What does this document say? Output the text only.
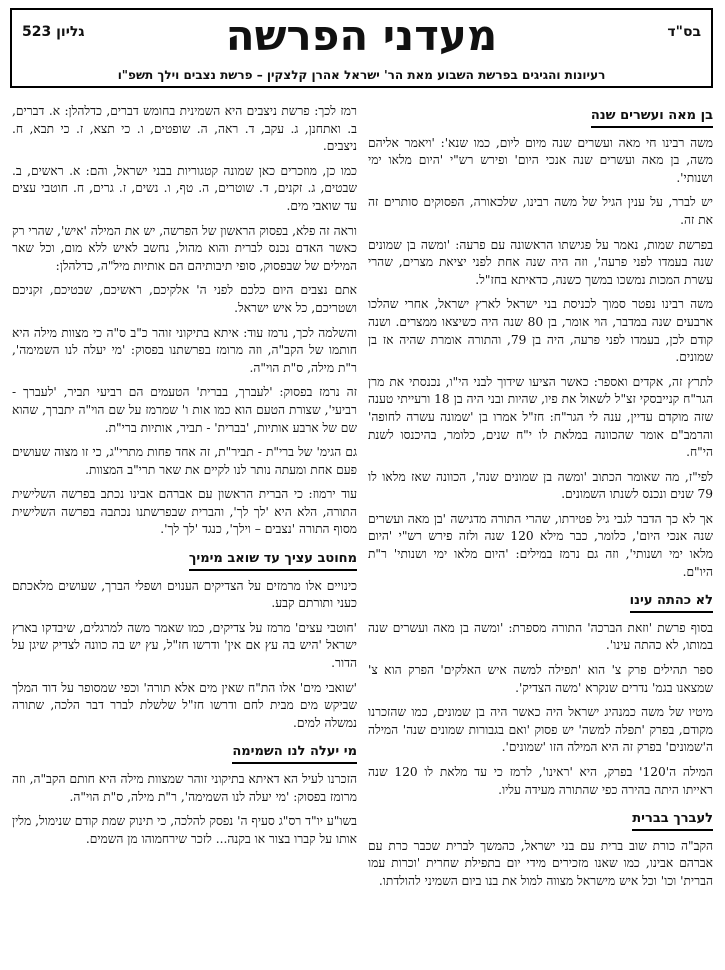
בס"ד
גליון 523	מעדני הפרשה
רעיונות והגיגים בפרשת השבוע מאת הר' ישראל אהרן קלצקין – פרשת נצבים וילך תשפ"ו
בן מאה ועשרים שנה

משה רבינו חי מאה ועשרים שנה מיום ליום, כמו שנא': 'ויאמר אליהם משה, בן מאה ועשרים שנה אנכי היום' ופירש רש"י 'היום מלאו ימי ושנותי'.

יש לברר, על ענין הגיל של משה רבינו, שלכאורה, הפסוקים סותרים זה את זה.

בפרשת שמות, נאמר על פגישתו הראשונה עם פרעה: 'ומשה בן שמונים שנה בעמדו לפני פרעה', וזה היה שנה אחת לפני יציאת מצרים, שהרי עשרת המכות נמשכו במשך כשנה, כדאיתא בחז"ל.

משה רבינו נפטר סמוך לכניסת בני ישראל לארץ ישראל, אחרי שהלכו ארבעים שנה במדבר, הוי אומר, בן 80 שנה היה כשיצאו ממצרים. ושנה קודם לכן, בעמדו לפני פרעה, היה בן 79, והתורה אומרת שהיה אז בן שמונים.

לתרץ זה, אקדים ואספר: כאשר הציעו שידוך לבני הי"ו, נכנסתי את מרן הגר"ח קנייבסקי זצ"ל לשאול את פיו, שהיות ובני היה בן 18 ורעייתי טענה שזה מוקדם עדיין, ענה לי הגר"ח: חז"ל אמרו בן 'שמונה עשרה לחופה' והרמב"ם אומר שהכוונה במלאת לו י"ח שנים, כלומר, בהיכנסו לשנת הי"ח.

לפי"ז, מה שאומר הכתוב 'ומשה בן שמונים שנה', הכוונה שאז מלאו לו 79 שנים ונכנס לשנתו השמונים.

אך לא כך הדבר לגבי גיל פטירתו, שהרי התורה מדגישה 'בן מאה ועשרים שנה אנכי היום', כלומר, כבר מילא 120 שנה ולזה פירש רש"י 'היום מלאו ימי ושנותי', וזה גם נרמז במילים: 'היום מלאו ימי ושנותי' ר"ת היו"ם.

לא כהתה עינו

בסוף פרשת 'וזאת הברכה' התורה מספרת: 'ומשה בן מאה ועשרים שנה במותו, לא כהתה עינו'.

ספר תהילים פרק צ' הוא 'תפילה למשה איש האלקים' הפרק הוא צ' שמצאנו בגמ' נדרים שנקרא 'משה הצדיק'.

מיטיו של משה כמנהיג ישראל היה כאשר היה בן שמונים, כמו שהזכרנו מקודם, בפרק 'תפלה למשה' יש פסוק 'ואם בגבורות שמונים שנה' המילה ה'שמונים' בפרק זה היא המילה הזו 'שמונים'.

המילה ה'120' בפרק, היא 'ראינו', לרמז כי עד מלאת לו 120 שנה ראייתו היתה בהירה כפי שהתורה מעידה עליו.

לעברך בברית

הקב"ה כורת שוב ברית עם בני ישראל, כהמשך לברית שכבר כרת עם אברהם אבינו, כמו שאנו מזכירים מידי יום בתפילת שחרית 'וכרות עמו הברית' וכו' וכל איש מישראל מצווה למול את בנו ביום השמיני להולדתו.

רמז לכך: פרשת ניצבים היא השמינית בחומש דברים, כדלהלן: א. דברים, ב. ואתחנן, ג. עקב, ד. ראה, ה. שופטים, ו. כי תצא, ז. כי תבא, ח. ניצבים.

כמו כן, מוזכרים כאן שמונה קטגוריות בבני ישראל, והם: א. ראשים, ב. שבטים, ג. זקנים, ד. שוטרים, ה. טף, ו. נשים, ז. גרים, ח. חוטבי עצים עד שואבי מים.

וראה זה פלא, בפסוק הראשון של הפרשה, יש את המילה 'איש', שהרי רק כאשר האדם נכנס לברית והוא מהול, נחשב לאיש ללא מום, וכל שאר המילים של שבפסוק, סופי תיבותיהם הם אותיות מיל"ה, כדלהלן:

אתם נצבים היום כלכם לפני ה' אלקיכם, ראשיכם, שבטיכם, זקניכם ושטריכם, כל איש ישראל.

והשלמה לכך, נרמז עוד: איתא בתיקוני זוהר כ"ב ס"ה כי מצוות מילה היא חותמו של הקב"ה, וזה מרומז בפרשתנו בפסוק: 'מי יעלה לנו השמימה', ר"ת מילה, ס"ת הוי"ה.

זה נרמז בפסוק: 'לעברך, בברית' הטעמים הם רביעי תביר, 'לעברך - רביעי', שצורת הטעם הוא כמו אות ו' שמרמז על שם הוי"ה יתברך, שהוא שם של ארבע אותיות, 'בברית' - תביר, אותיות ברי"ת.

גם הגימ' של ברי"ת - תביר"ת, זה אחד פחות מתרי"ג, כי זו מצוה שעושים פעם אחת ומעתה נותר לנו לקיים את שאר תרי"ב המצוות.

עוד ירמוז: כי הברית הראשון עם אברהם אבינו נכתב בפרשה השלישית התורה, הלא היא 'לך לך', והברית שבפרשתנו נכתבה בפרשה השלישית מסוף התורה 'נצבים – וילך', כנגד 'לך לך'.

מחוטב עציך עד שואב מימיך

כינויים אלו מרמזים על הצדיקים הענוים ושפלי הברך, שעושים מלאכתם כעני ותורתם קבע.

'חוטבי עצים' מרמז על צדיקים, כמו שאמר משה למרגלים, שיבדקו בארץ ישראל 'היש בה עץ אם אין' ודרשו חז"ל, עץ יש בה כוונה לצדיק שיגן על הדור.

'שואבי מים' אלו הת"ח שאין מים אלא תורה' וכפי שמסופר על דוד המלך שביקש מים מבית לחם ודרשו חז"ל שלשלת לברר דבר הלכה, שתורה נמשלה למים.

מי יעלה לנו השמימה

הזכרנו לעיל הא דאיתא בתיקוני זוהר שמצוות מילה היא חותם הקב"ה, וזה מרומז בפסוק: 'מי יעלה לנו השמימה', ר"ת מילה, ס"ת הוי"ה.

בשו"ע יו"ד רס"ג סעיף ה' נפסק להלכה, כי תינוק שמת קודם שנימול, מלין אותו על קברו בצור או בקנה... לזכר שירחמוהו מן השמים.
